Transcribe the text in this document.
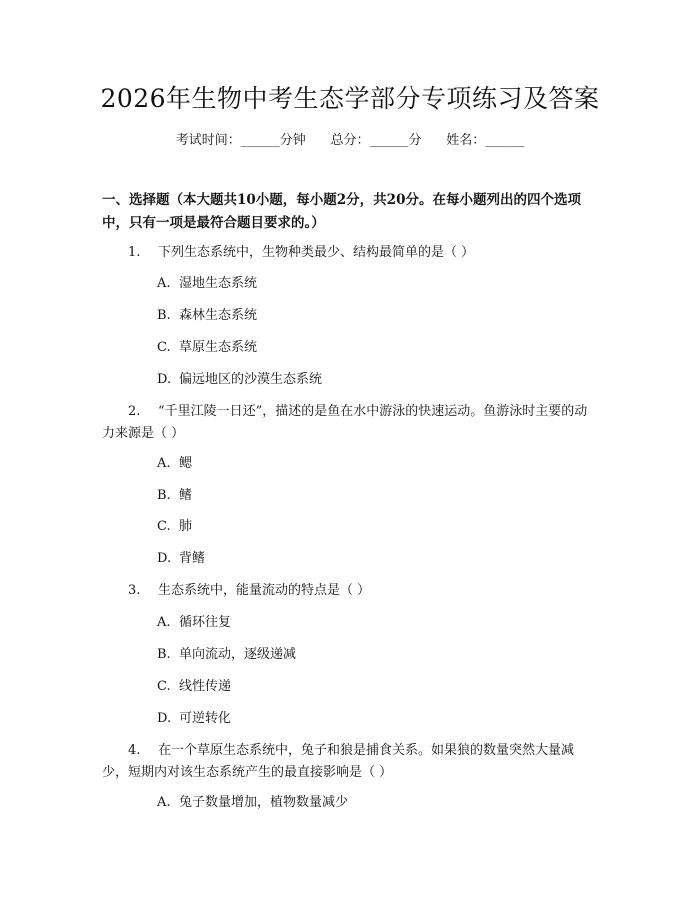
2026年生物中考生态学部分专项练习及答案
考试时间：______分钟      总分：______分      姓名：______
一、选择题（本大题共10小题，每小题2分，共20分。在每小题列出的四个选项中，只有一项是最符合题目要求的。）
1. 下列生态系统中，生物种类最少、结构最简单的是（ ）
A. 湿地生态系统
B. 森林生态系统
C. 草原生态系统
D. 偏远地区的沙漠生态系统
2. “千里江陵一日还”，描述的是鱼在水中游泳的快速运动。鱼游泳时主要的动力来源是（ ）
A. 鳃
B. 鳍
C. 肺
D. 背鳍
3. 生态系统中，能量流动的特点是（ ）
A. 循环往复
B. 单向流动，逐级递减
C. 线性传递
D. 可逆转化
4. 在一个草原生态系统中，兔子和狼是捕食关系。如果狼的数量突然大量减少，短期内对该生态系统产生的最直接影响是（ ）
A. 兔子数量增加，植物数量减少
